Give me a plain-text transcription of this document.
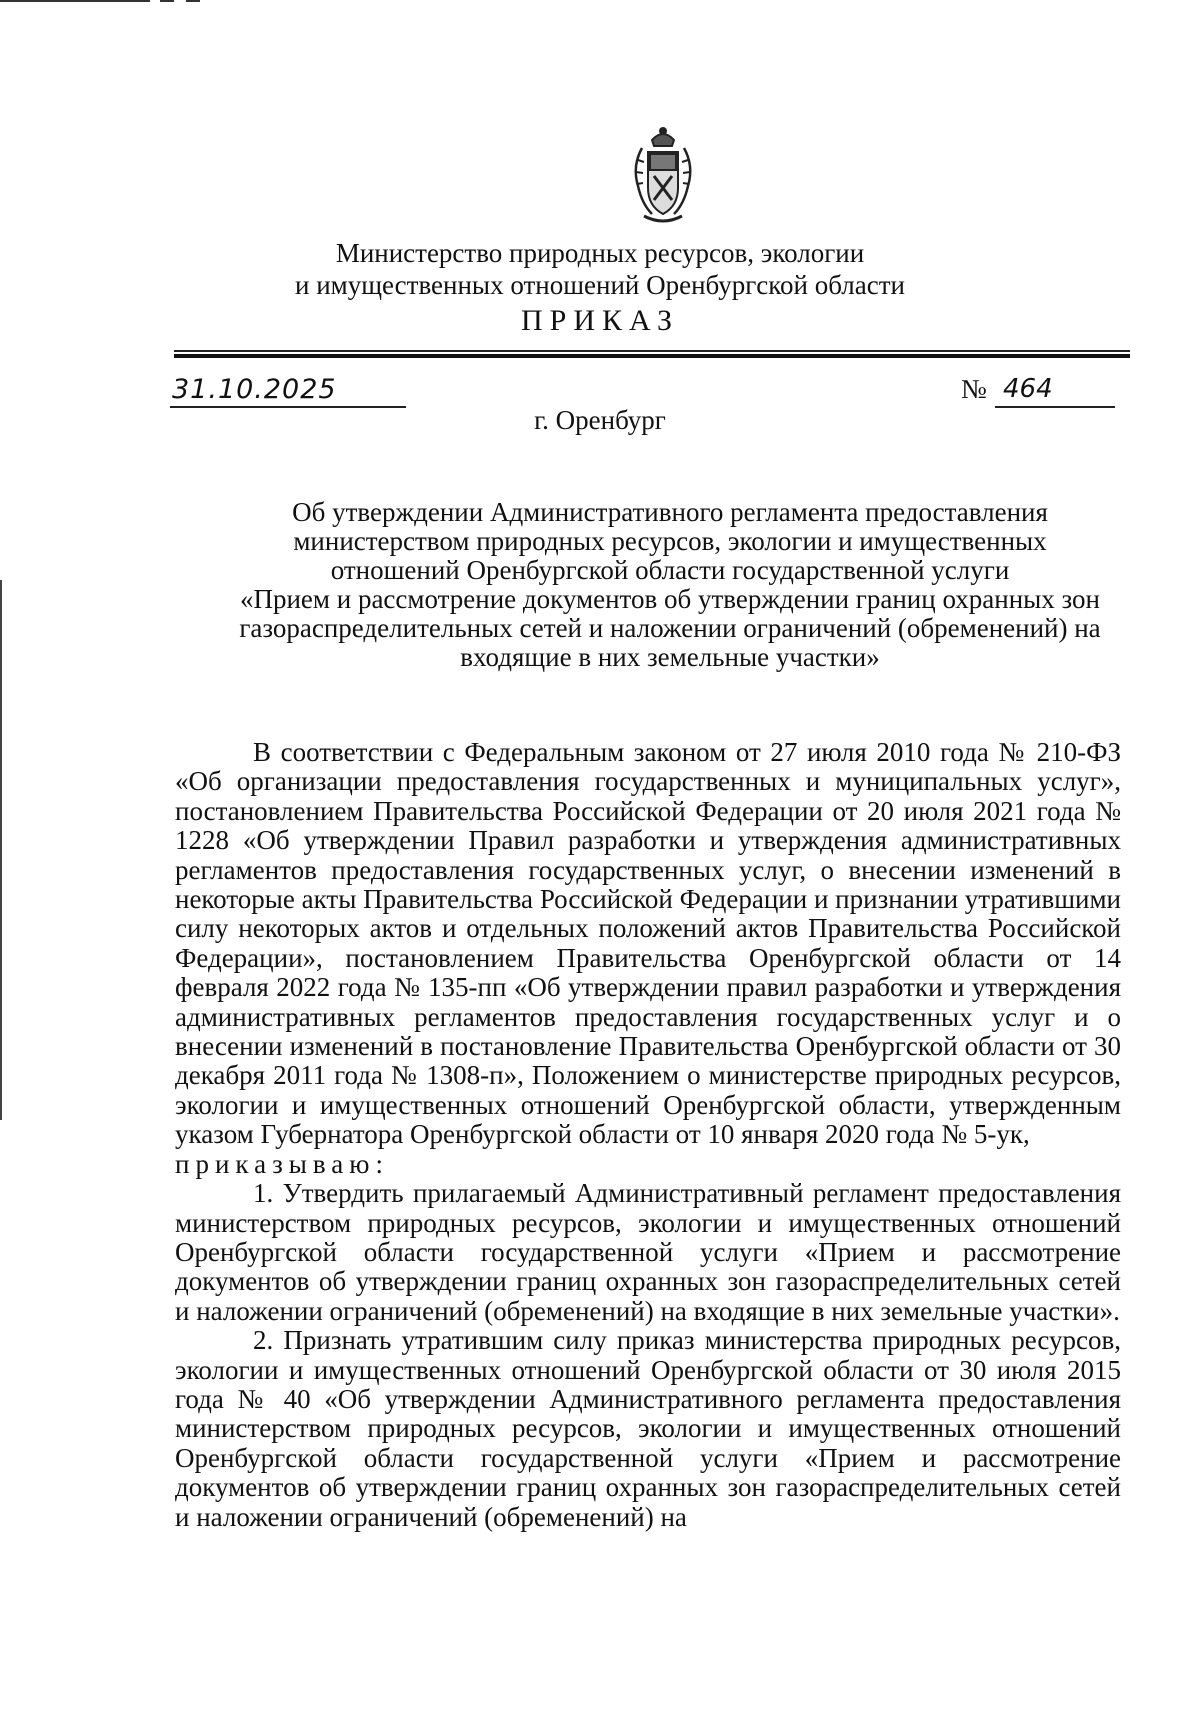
Министерство природных ресурсов, экологии
и имущественных отношений Оренбургской области
ПРИКАЗ
31.10.2025	№ 464
г. Оренбург
Об утверждении Административного регламента предоставления
министерством природных ресурсов, экологии и имущественных
отношений Оренбургской области государственной услуги
«Прием и рассмотрение документов об утверждении границ охранных зон
газораспределительных сетей и наложении ограничений (обременений) на
входящие в них земельные участки»

В соответствии с Федеральным законом от 27 июля 2010 года № 210-ФЗ «Об организации предоставления государственных и муниципальных услуг», постановлением Правительства Российской Федерации от 20 июля 2021 года № 1228 «Об утверждении Правил разработки и утверждения административных регламентов предоставления государственных услуг, о внесении изменений в некоторые акты Правительства Российской Федерации и признании утратившими силу некоторых актов и отдельных положений актов Правительства Российской Федерации», постановлением Правительства Оренбургской области от 14 февраля 2022 года № 135-пп «Об утверждении правил разработки и утверждения административных регламентов предоставления государственных услуг и о внесении изменений в постановление Правительства Оренбургской области от 30 декабря 2011 года № 1308-п», Положением о министерстве природных ресурсов, экологии и имущественных отношений Оренбургской области, утвержденным указом Губернатора Оренбургской области от 10 января 2020 года № 5-ук,

приказываю:

1. Утвердить прилагаемый Административный регламент предоставления министерством природных ресурсов, экологии и имущественных отношений Оренбургской области государственной услуги «Прием и рассмотрение документов об утверждении границ охранных зон газораспределительных сетей и наложении ограничений (обременений) на входящие в них земельные участки».

2. Признать утратившим силу приказ министерства природных ресурсов, экологии и имущественных отношений Оренбургской области от 30 июля 2015 года № 40 «Об утверждении Административного регламента предоставления министерством природных ресурсов, экологии и имущественных отношений Оренбургской области государственной услуги «Прием и рассмотрение документов об утверждении границ охранных зон газораспределительных сетей и наложении ограничений (обременений) на
